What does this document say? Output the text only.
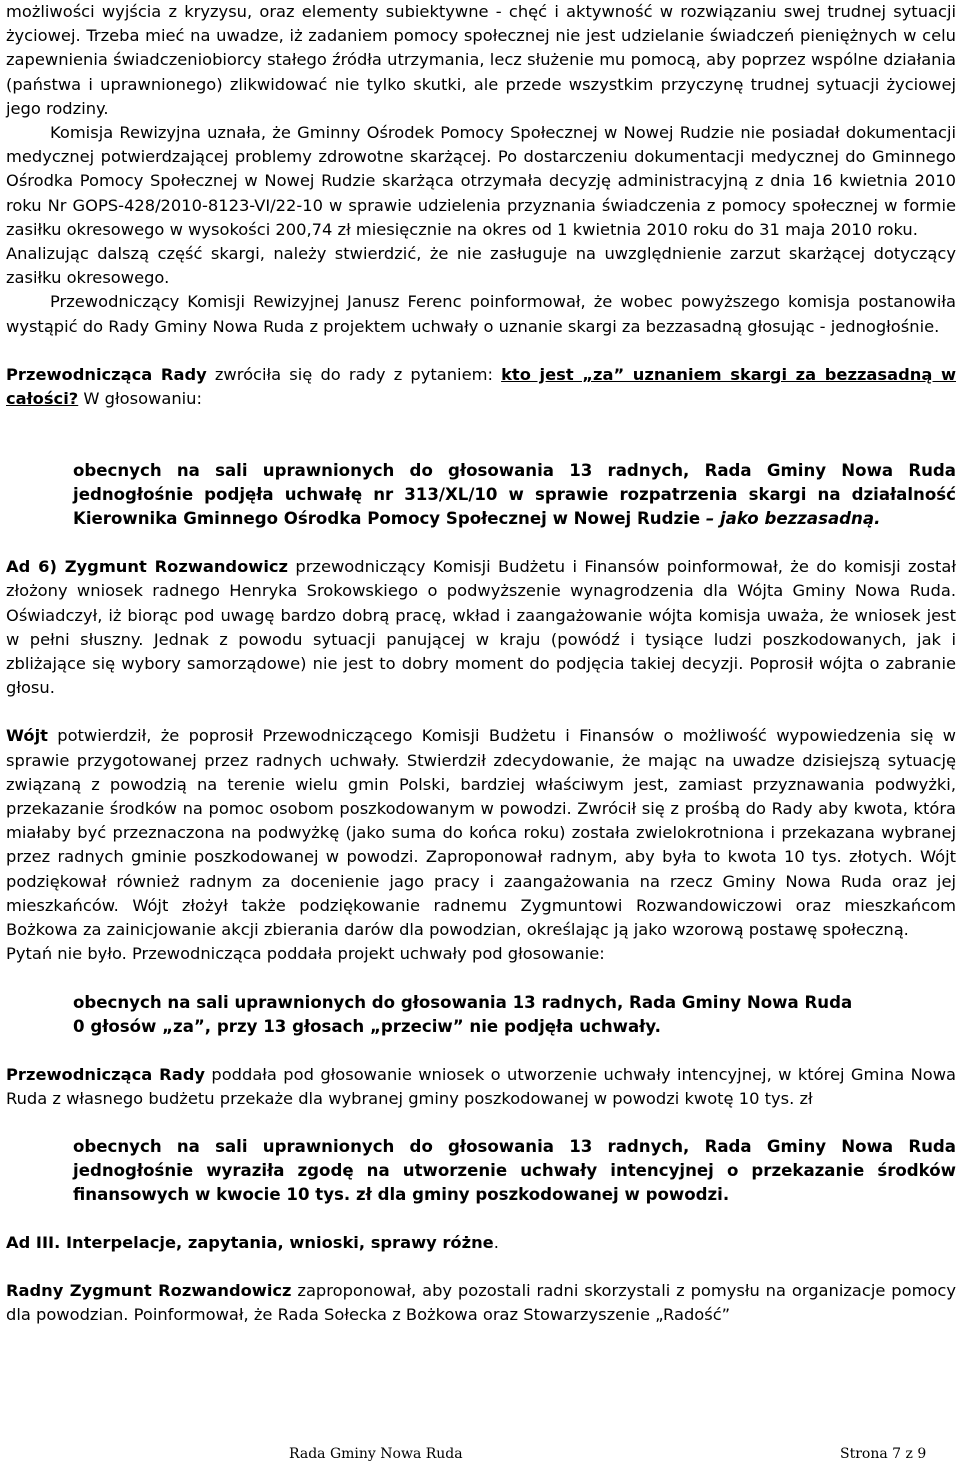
możliwości wyjścia z kryzysu, oraz elementy subiektywne - chęć i aktywność w rozwiązaniu swej trudnej sytuacji życiowej. Trzeba mieć na uwadze, iż zadaniem pomocy społecznej nie jest udzielanie świadczeń pieniężnych w celu zapewnienia świadczeniobiorcy stałego źródła utrzymania, lecz służenie mu pomocą, aby poprzez wspólne działania (państwa i uprawnionego) zlikwidować nie tylko skutki, ale przede wszystkim przyczynę trudnej sytuacji życiowej jego rodziny.

Komisja Rewizyjna uznała, że Gminny Ośrodek Pomocy Społecznej w Nowej Rudzie nie posiadał dokumentacji medycznej potwierdzającej problemy zdrowotne skarżącej. Po dostarczeniu dokumentacji medycznej do Gminnego Ośrodka Pomocy Społecznej w Nowej Rudzie skarżąca otrzymała decyzję administracyjną z dnia 16 kwietnia 2010 roku Nr GOPS-428/2010-8123-VI/22-10 w sprawie udzielenia przyznania świadczenia z pomocy społecznej w formie zasiłku okresowego w wysokości 200,74 zł miesięcznie na okres od 1 kwietnia 2010 roku do 31 maja 2010 roku.

Analizując dalszą część skargi, należy stwierdzić, że nie zasługuje na uwzględnienie zarzut skarżącej dotyczący zasiłku okresowego.

Przewodniczący Komisji Rewizyjnej Janusz Ferenc poinformował, że wobec powyższego komisja postanowiła wystąpić do Rady Gminy Nowa Ruda z projektem uchwały o uznanie skargi za bezzasadną głosując - jednogłośnie.

Przewodnicząca Rady zwróciła się do rady z pytaniem: kto jest „za” uznaniem skargi za bezzasadną w całości? W głosowaniu:

obecnych na sali uprawnionych do głosowania 13 radnych, Rada Gminy Nowa Ruda jednogłośnie podjęła uchwałę nr 313/XL/10 w sprawie rozpatrzenia skargi na działalność Kierownika Gminnego Ośrodka Pomocy Społecznej w Nowej Rudzie – jako bezzasadną.

Ad 6) Zygmunt Rozwandowicz przewodniczący Komisji Budżetu i Finansów poinformował, że do komisji został złożony wniosek radnego Henryka Srokowskiego o podwyższenie wynagrodzenia dla Wójta Gminy Nowa Ruda. Oświadczył, iż biorąc pod uwagę bardzo dobrą pracę, wkład i zaangażowanie wójta komisja uważa, że wniosek jest w pełni słuszny. Jednak z powodu sytuacji panującej w kraju (powódź i tysiące ludzi poszkodowanych, jak i zbliżające się wybory samorządowe) nie jest to dobry moment do podjęcia takiej decyzji. Poprosił wójta o zabranie głosu.

Wójt potwierdził, że poprosił Przewodniczącego Komisji Budżetu i Finansów o możliwość wypowiedzenia się w sprawie przygotowanej przez radnych uchwały. Stwierdził zdecydowanie, że mając na uwadze dzisiejszą sytuację związaną z powodzią na terenie wielu gmin Polski, bardziej właściwym jest, zamiast przyznawania podwyżki, przekazanie środków na pomoc osobom poszkodowanym w powodzi. Zwrócił się z prośbą do Rady aby kwota, która miałaby być przeznaczona na podwyżkę (jako suma do końca roku) została zwielokrotniona i przekazana wybranej przez radnych gminie poszkodowanej w powodzi. Zaproponował radnym, aby była to kwota 10 tys. złotych. Wójt podziękował również radnym za docenienie jago pracy i zaangażowania na rzecz Gminy Nowa Ruda oraz jej mieszkańców. Wójt złożył także podziękowanie radnemu Zygmuntowi Rozwandowiczowi oraz mieszkańcom Bożkowa za zainicjowanie akcji zbierania darów dla powodzian, określając ją jako wzorową postawę społeczną.

Pytań nie było. Przewodnicząca poddała projekt uchwały pod głosowanie:

obecnych na sali uprawnionych do głosowania 13 radnych, Rada Gminy Nowa Ruda
0 głosów „za”, przy 13 głosach „przeciw” nie podjęła uchwały.

Przewodnicząca Rady poddała pod głosowanie wniosek o utworzenie uchwały intencyjnej, w której Gmina Nowa Ruda z własnego budżetu przekaże dla wybranej gminy poszkodowanej w powodzi kwotę 10 tys. zł

obecnych na sali uprawnionych do głosowania 13 radnych, Rada Gminy Nowa Ruda jednogłośnie wyraziła zgodę na utworzenie uchwały intencyjnej o przekazanie środków finansowych w kwocie 10 tys. zł dla gminy poszkodowanej w powodzi.

Ad III. Interpelacje, zapytania, wnioski, sprawy różne.

Radny Zygmunt Rozwandowicz zaproponował, aby pozostali radni skorzystali z pomysłu na organizacje pomocy dla powodzian. Poinformował, że Rada Sołecka z Bożkowa oraz Stowarzyszenie „Radość”

Rada Gminy Nowa Ruda	Strona 7 z 9
